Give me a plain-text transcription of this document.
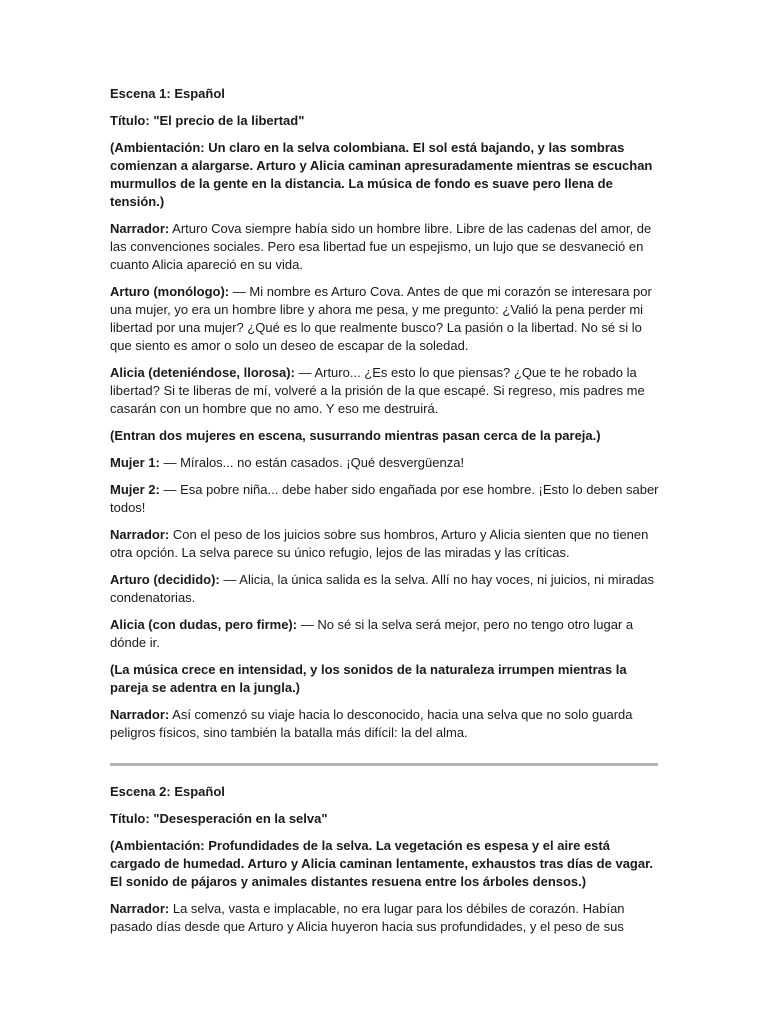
Escena 1: Español

Título: "El precio de la libertad"

(Ambientación: Un claro en la selva colombiana. El sol está bajando, y las sombras comienzan a alargarse. Arturo y Alicia caminan apresuradamente mientras se escuchan murmullos de la gente en la distancia. La música de fondo es suave pero llena de tensión.)

Narrador: Arturo Cova siempre había sido un hombre libre. Libre de las cadenas del amor, de las convenciones sociales. Pero esa libertad fue un espejismo, un lujo que se desvaneció en cuanto Alicia apareció en su vida.

Arturo (monólogo): — Mi nombre es Arturo Cova. Antes de que mi corazón se interesara por una mujer, yo era un hombre libre y ahora me pesa, y me pregunto: ¿Valió la pena perder mi libertad por una mujer? ¿Qué es lo que realmente busco? La pasión o la libertad. No sé si lo que siento es amor o solo un deseo de escapar de la soledad.

Alicia (deteniéndose, llorosa): — Arturo... ¿Es esto lo que piensas? ¿Que te he robado la libertad? Si te liberas de mí, volveré a la prisión de la que escapé. Si regreso, mis padres me casarán con un hombre que no amo. Y eso me destruirá.

(Entran dos mujeres en escena, susurrando mientras pasan cerca de la pareja.)

Mujer 1: — Míralos... no están casados. ¡Qué desvergüenza!

Mujer 2: — Esa pobre niña... debe haber sido engañada por ese hombre. ¡Esto lo deben saber todos!

Narrador: Con el peso de los juicios sobre sus hombros, Arturo y Alicia sienten que no tienen otra opción. La selva parece su único refugio, lejos de las miradas y las críticas.

Arturo (decidido): — Alicia, la única salida es la selva. Allí no hay voces, ni juicios, ni miradas condenatorias.

Alicia (con dudas, pero firme): — No sé si la selva será mejor, pero no tengo otro lugar a dónde ir.

(La música crece en intensidad, y los sonidos de la naturaleza irrumpen mientras la pareja se adentra en la jungla.)

Narrador: Así comenzó su viaje hacia lo desconocido, hacia una selva que no solo guarda peligros físicos, sino también la batalla más difícil: la del alma.

Escena 2: Español

Título: "Desesperación en la selva"

(Ambientación: Profundidades de la selva. La vegetación es espesa y el aire está cargado de humedad. Arturo y Alicia caminan lentamente, exhaustos tras días de vagar. El sonido de pájaros y animales distantes resuena entre los árboles densos.)

Narrador: La selva, vasta e implacable, no era lugar para los débiles de corazón. Habían pasado días desde que Arturo y Alicia huyeron hacia sus profundidades, y el peso de sus
